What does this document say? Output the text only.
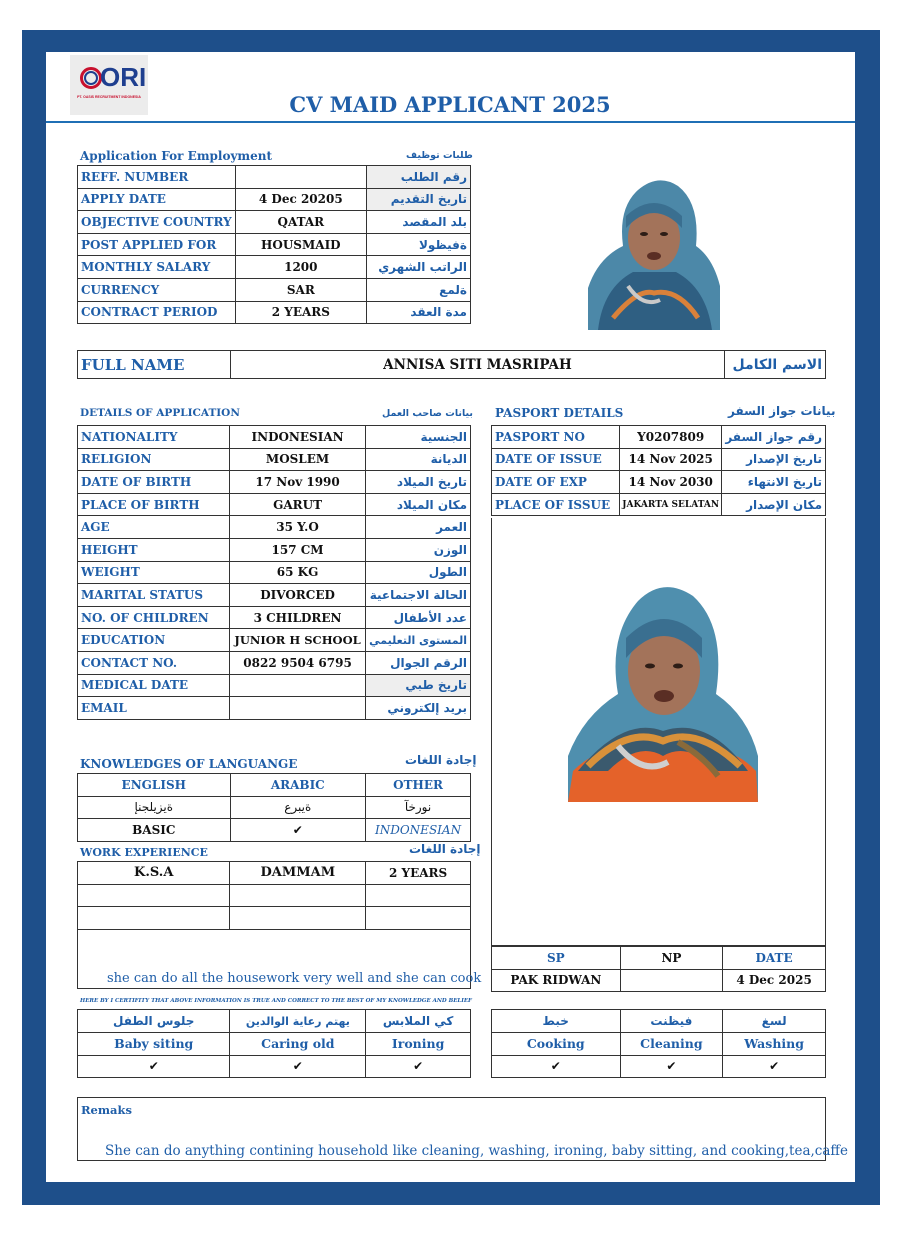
ORI
PT. OASIS RECRUITMENT INDONESIA	CV MAID APPLICANT 2025
Application For Employment	طلبات توظيف
REFF. NUMBER		رقم الطلب
APPLY DATE	4 Dec 20205	تاريخ التقديم
OBJECTIVE COUNTRY	QATAR	بلد المقصد
POST APPLIED FOR	HOUSMAID	ةفيظولا
MONTHLY SALARY	1200	الراتب الشهري
CURRENCY	SAR	ةلمع
CONTRACT PERIOD	2 YEARS	مدة العقد
FULL NAME	ANNISA SITI MASRIPAH	الاسم الكامل
DETAILS OF APPLICATION	بيانات صاحب العمل
NATIONALITY	INDONESIAN	الجنسية
RELIGION	MOSLEM	الديانة
DATE OF BIRTH	17 Nov 1990	تاريخ الميلاد
PLACE OF BIRTH	GARUT	مكان الميلاد
AGE	35 Y.O	العمر
HEIGHT	157 CM	الوزن
WEIGHT	65 KG	الطول
MARITAL STATUS	DIVORCED	الحالة الاجتماعية
NO. OF CHILDREN	3 CHILDREN	عدد الأطفال
EDUCATION	JUNIOR H SCHOOL	المستوى التعليمي
CONTACT NO.	0822 9504 6795	الرقم الجوال
MEDICAL DATE		تاريخ طبي
EMAIL		بريد إلكتروني
PASPORT DETAILS	بيانات جواز السفر
PASPORT NO	Y0207809	رقم جواز السفر
DATE OF ISSUE	14 Nov 2025	تاريخ الإصدار
DATE OF EXP	14 Nov 2030	تاريخ الانتهاء
PLACE OF ISSUE	JAKARTA SELATAN	مكان الإصدار
KNOWLEDGES OF LANGUANGE	إجادة اللغات
ENGLISH	ARABIC	OTHER
ةيزيلجنإ	ةيبرع	نورخآ
BASIC	✔	INDONESIAN
WORK EXPERIENCE	إجادة اللغات
K.S.A	DAMMAM	2 YEARS

she can do all the housework very well and she can cook
SP	NP	DATE
PAK RIDWAN		4 Dec 2025
HERE BY I CERTIFITY THAT ABOVE INFORMATION IS TRUE AND CORRECT TO THE BEST OF MY KNOWLEDGE AND BELIEF
جلوس الطفل	يهتم رعاية الوالدين	كي الملابس
Baby siting	Caring old	Ironing
✔	✔	✔
خبط	فيظنت	لسغ
Cooking	Cleaning	Washing
✔	✔	✔
Remaks
She can do anything contining household like cleaning, washing, ironing, baby sitting, and cooking,tea,caffe
